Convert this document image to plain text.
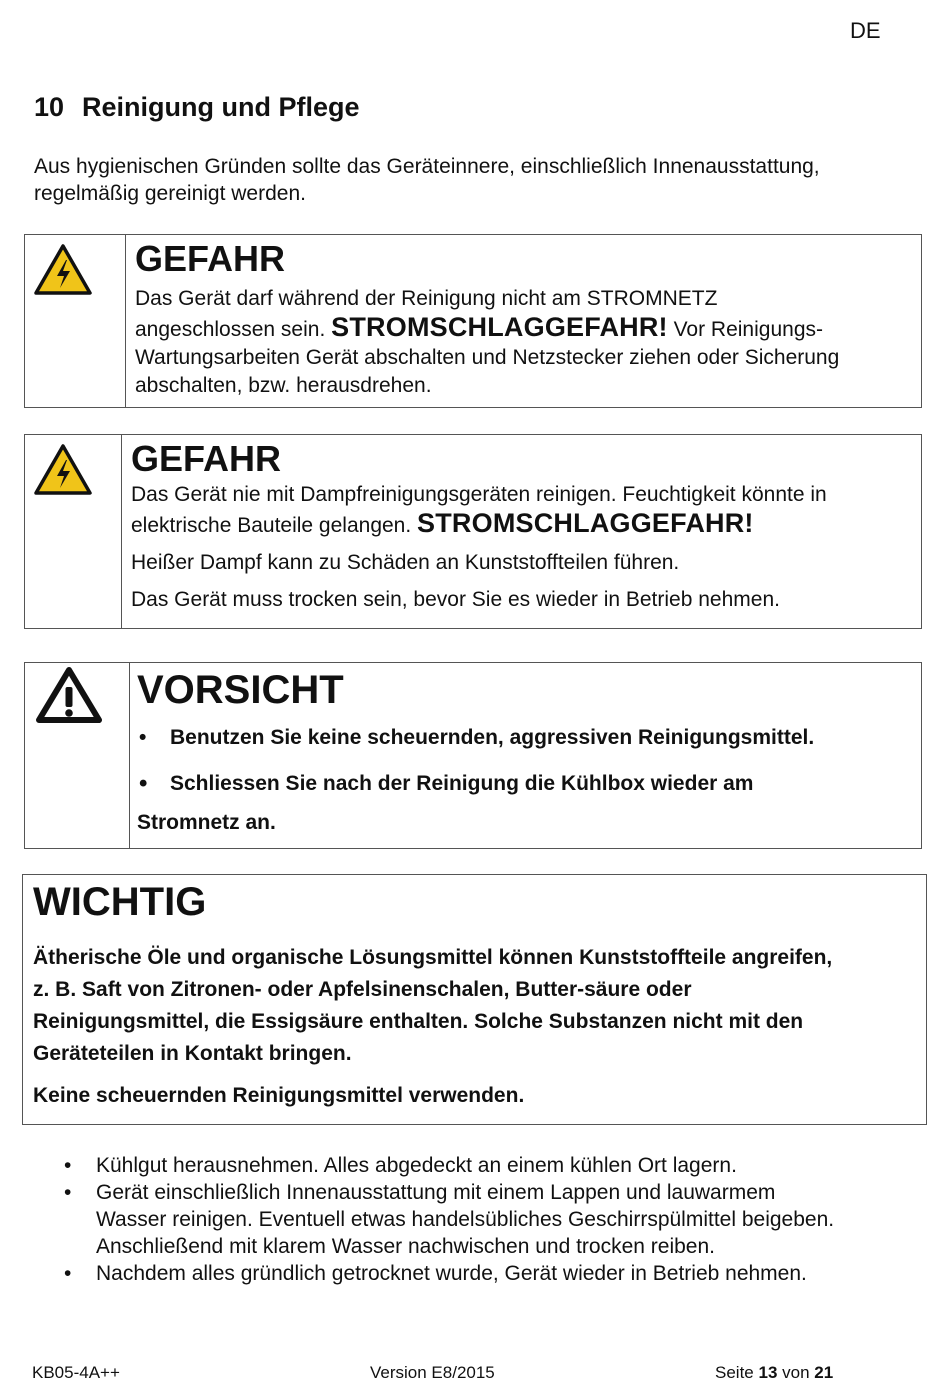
DE
10 Reinigung und Pflege
Aus hygienischen Gründen sollte das Geräteinnere, einschließlich Innenausstattung, regelmäßig gereinigt werden.
GEFAHR
Das Gerät darf während der Reinigung nicht am STROMNETZ
angeschlossen sein. STROMSCHLAGGEFAHR! Vor Reinigungs-
Wartungsarbeiten Gerät abschalten und Netzstecker ziehen oder Sicherung
abschalten, bzw. herausdrehen.
GEFAHR
Das Gerät nie mit Dampfreinigungsgeräten reinigen. Feuchtigkeit könnte in
elektrische Bauteile gelangen. STROMSCHLAGGEFAHR!
Heißer Dampf kann zu Schäden an Kunststoffteilen führen.
Das Gerät muss trocken sein, bevor Sie es wieder in Betrieb nehmen.
VORSICHT
• Benutzen Sie keine scheuernden, aggressiven Reinigungsmittel.
• Schliessen Sie nach der Reinigung die Kühlbox wieder am
Stromnetz an.
WICHTIG
Ätherische Öle und organische Lösungsmittel können Kunststoffteile angreifen,
z. B. Saft von Zitronen- oder Apfelsinenschalen, Butter-säure oder
Reinigungsmittel, die Essigsäure enthalten. Solche Substanzen nicht mit den
Geräteteilen in Kontakt bringen.
Keine scheuernden Reinigungsmittel verwenden.
• Kühlgut herausnehmen. Alles abgedeckt an einem kühlen Ort lagern.
• Gerät einschließlich Innenausstattung mit einem Lappen und lauwarmem
Wasser reinigen. Eventuell etwas handelsübliches Geschirrspülmittel beigeben.
Anschließend mit klarem Wasser nachwischen und trocken reiben.
• Nachdem alles gründlich getrocknet wurde, Gerät wieder in Betrieb nehmen.
KB05-4A++	Version E8/2015	Seite 13 von 21
